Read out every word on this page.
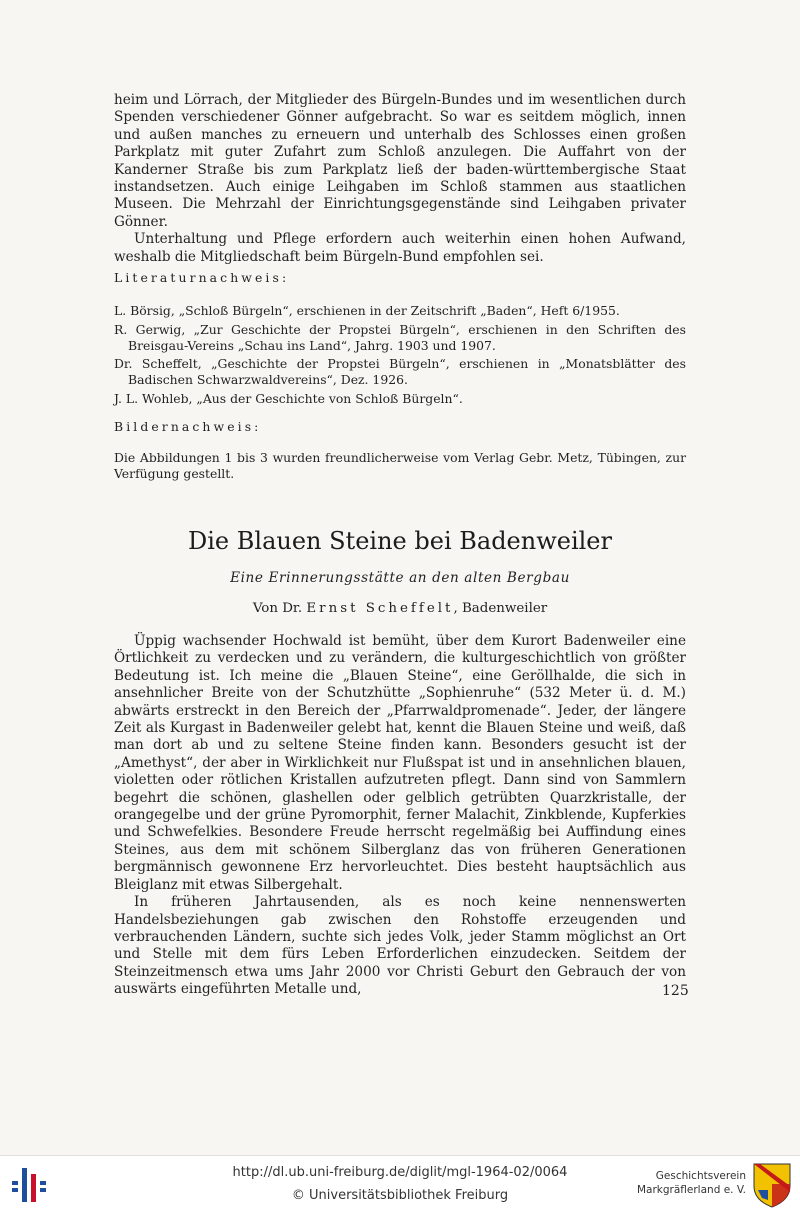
heim und Lörrach, der Mitglieder des Bürgeln-Bundes und im wesentlichen durch Spenden verschiedener Gönner aufgebracht. So war es seitdem möglich, innen und außen manches zu erneuern und unterhalb des Schlosses einen großen Parkplatz mit guter Zufahrt zum Schloß anzulegen. Die Auffahrt von der Kanderner Straße bis zum Parkplatz ließ der baden-württembergische Staat instandsetzen. Auch einige Leihgaben im Schloß stammen aus staatlichen Museen. Die Mehrzahl der Einrichtungsgegenstände sind Leihgaben privater Gönner.

Unterhaltung und Pflege erfordern auch weiterhin einen hohen Aufwand, weshalb die Mitgliedschaft beim Bürgeln-Bund empfohlen sei.

Literaturnachweis:

L. Börsig, „Schloß Bürgeln“, erschienen in der Zeitschrift „Baden“, Heft 6/1955.

R. Gerwig, „Zur Geschichte der Propstei Bürgeln“, erschienen in den Schriften des Breisgau-Vereins „Schau ins Land“, Jahrg. 1903 und 1907.

Dr. Scheffelt, „Geschichte der Propstei Bürgeln“, erschienen in „Monatsblätter des Badischen Schwarzwaldvereins“, Dez. 1926.

J. L. Wohleb, „Aus der Geschichte von Schloß Bürgeln“.

Bildernachweis:

Die Abbildungen 1 bis 3 wurden freundlicherweise vom Verlag Gebr. Metz, Tübingen, zur Verfügung gestellt.

Die Blauen Steine bei Badenweiler
Eine Erinnerungsstätte an den alten Bergbau
Von Dr. Ernst Scheffelt, Badenweiler

Üppig wachsender Hochwald ist bemüht, über dem Kurort Badenweiler eine Örtlichkeit zu verdecken und zu verändern, die kulturgeschichtlich von größter Bedeutung ist. Ich meine die „Blauen Steine“, eine Geröllhalde, die sich in ansehnlicher Breite von der Schutzhütte „Sophienruhe“ (532 Meter ü. d. M.) abwärts erstreckt in den Bereich der „Pfarrwaldpromenade“. Jeder, der längere Zeit als Kurgast in Badenweiler gelebt hat, kennt die Blauen Steine und weiß, daß man dort ab und zu seltene Steine finden kann. Besonders gesucht ist der „Amethyst“, der aber in Wirklichkeit nur Flußspat ist und in ansehnlichen blauen, violetten oder rötlichen Kristallen aufzutreten pflegt. Dann sind von Sammlern begehrt die schönen, glashellen oder gelblich getrübten Quarzkristalle, der orangegelbe und der grüne Pyromorphit, ferner Malachit, Zinkblende, Kupferkies und Schwefelkies. Besondere Freude herrscht regelmäßig bei Auffindung eines Steines, aus dem mit schönem Silberglanz das von früheren Generationen bergmännisch gewonnene Erz hervorleuchtet. Dies besteht hauptsächlich aus Bleiglanz mit etwas Silbergehalt.

In früheren Jahrtausenden, als es noch keine nennenswerten Handelsbeziehungen gab zwischen den Rohstoffe erzeugenden und verbrauchenden Ländern, suchte sich jedes Volk, jeder Stamm möglichst an Ort und Stelle mit dem fürs Leben Erforderlichen einzudecken. Seitdem der Steinzeitmensch etwa ums Jahr 2000 vor Christi Geburt den Gebrauch der von auswärts eingeführten Metalle und,	125
http://dl.ub.uni-freiburg.de/diglit/mgl-1964-02/0064
© Universitätsbibliothek Freiburg
Geschichtsverein
Markgräflerland e. V.
